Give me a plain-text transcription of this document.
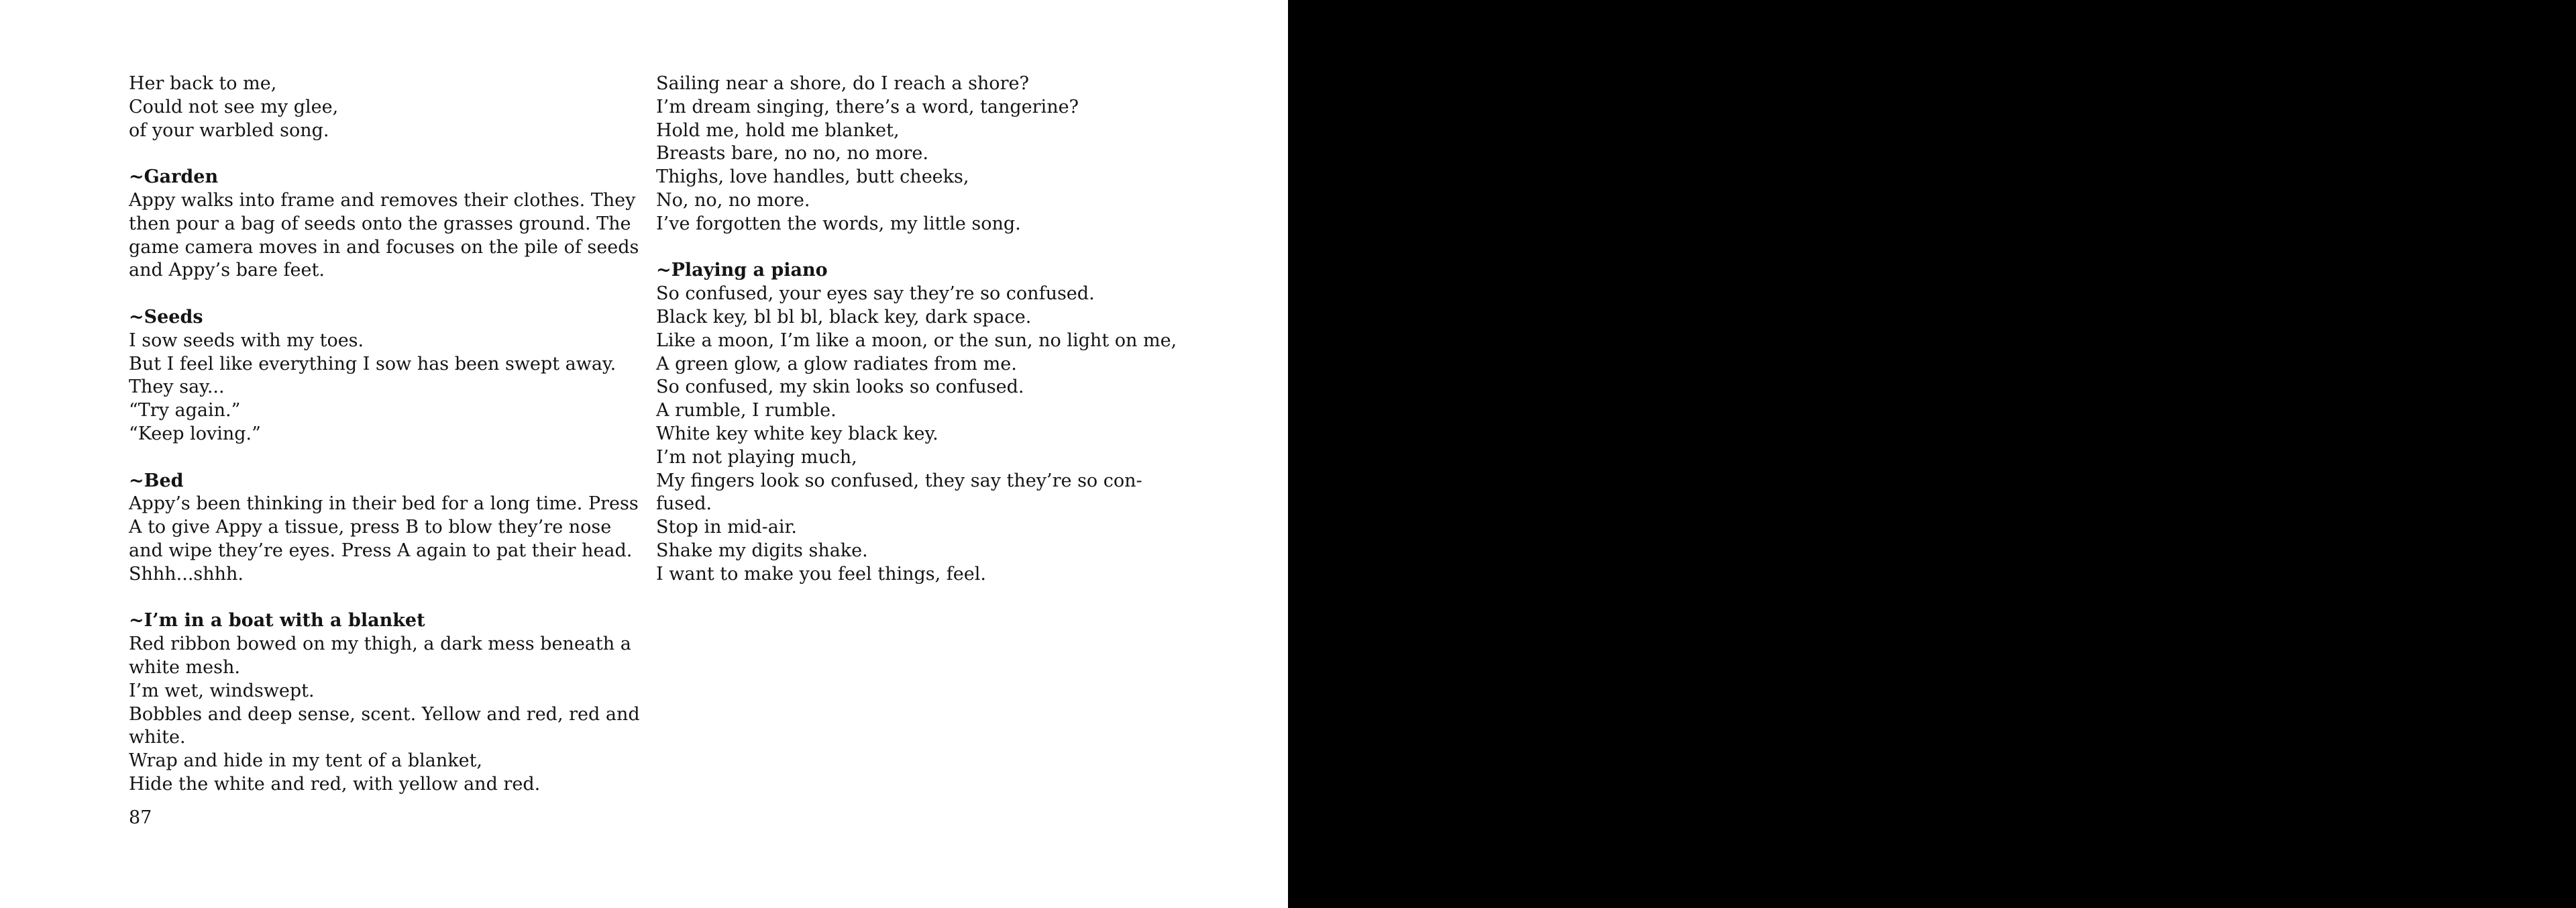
Her back to me,
Could not see my glee,
of your warbled song.
~Garden
Appy walks into frame and removes their clothes. They
then pour a bag of seeds onto the grasses ground. The
game camera moves in and focuses on the pile of seeds
and Appy’s bare feet.
~Seeds
I sow seeds with my toes.
But I feel like everything I sow has been swept away.
They say...
“Try again.”
“Keep loving.”
~Bed
Appy’s been thinking in their bed for a long time. Press
A to give Appy a tissue, press B to blow they’re nose
and wipe they’re eyes. Press A again to pat their head.
Shhh...shhh.
~I’m in a boat with a blanket
Red ribbon bowed on my thigh, a dark mess beneath a
white mesh.
I’m wet, windswept.
Bobbles and deep sense, scent. Yellow and red, red and
white.
Wrap and hide in my tent of a blanket,
Hide the white and red, with yellow and red.
Sailing near a shore, do I reach a shore?
I’m dream singing, there’s a word, tangerine?
Hold me, hold me blanket,
Breasts bare, no no, no more.
Thighs, love handles, butt cheeks,
No, no, no more.
I’ve forgotten the words, my little song.
~Playing a piano
So confused, your eyes say they’re so confused.
Black key, bl bl bl, black key, dark space.
Like a moon, I’m like a moon, or the sun, no light on me,
A green glow, a glow radiates from me.
So confused, my skin looks so confused.
A rumble, I rumble.
White key white key black key.
I’m not playing much,
My fingers look so confused, they say they’re so con-
fused.
Stop in mid-air.
Shake my digits shake.
I want to make you feel things, feel.
87
